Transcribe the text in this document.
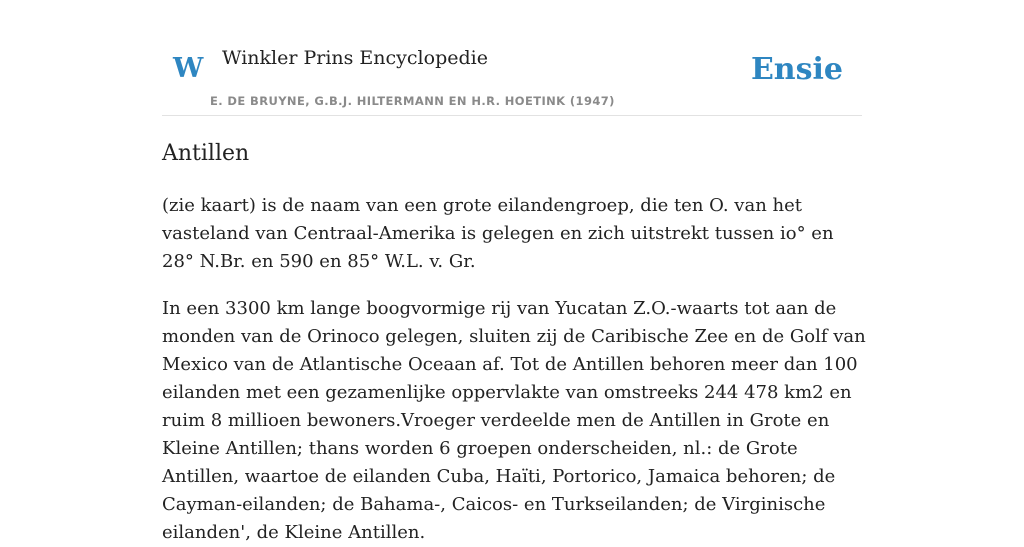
W Winkler Prins Encyclopedie
E. DE BRUYNE, G.B.J. HILTERMANN EN H.R. HOETINK (1947)
Ensie
Antillen

(zie kaart) is de naam van een grote eilandengroep, die ten O. van het vasteland van Centraal-Amerika is gelegen en zich uitstrekt tussen io° en 28° N.Br. en 590 en 85° W.L. v. Gr.

In een 3300 km lange boogvormige rij van Yucatan Z.O.-waarts tot aan de monden van de Orinoco gelegen, sluiten zij de Caribische Zee en de Golf van Mexico van de Atlantische Oceaan af. Tot de Antillen behoren meer dan 100 eilanden met een gezamenlijke oppervlakte van omstreeks 244 478 km2 en ruim 8 millioen bewoners.Vroeger verdeelde men de Antillen in Grote en Kleine Antillen; thans worden 6 groepen onderscheiden, nl.: de Grote Antillen, waartoe de eilanden Cuba, Haïti, Portorico, Jamaica behoren; de Cayman-eilanden; de Bahama-, Caicos- en Turkseilanden; de Virginische eilanden', de Kleine Antillen.
